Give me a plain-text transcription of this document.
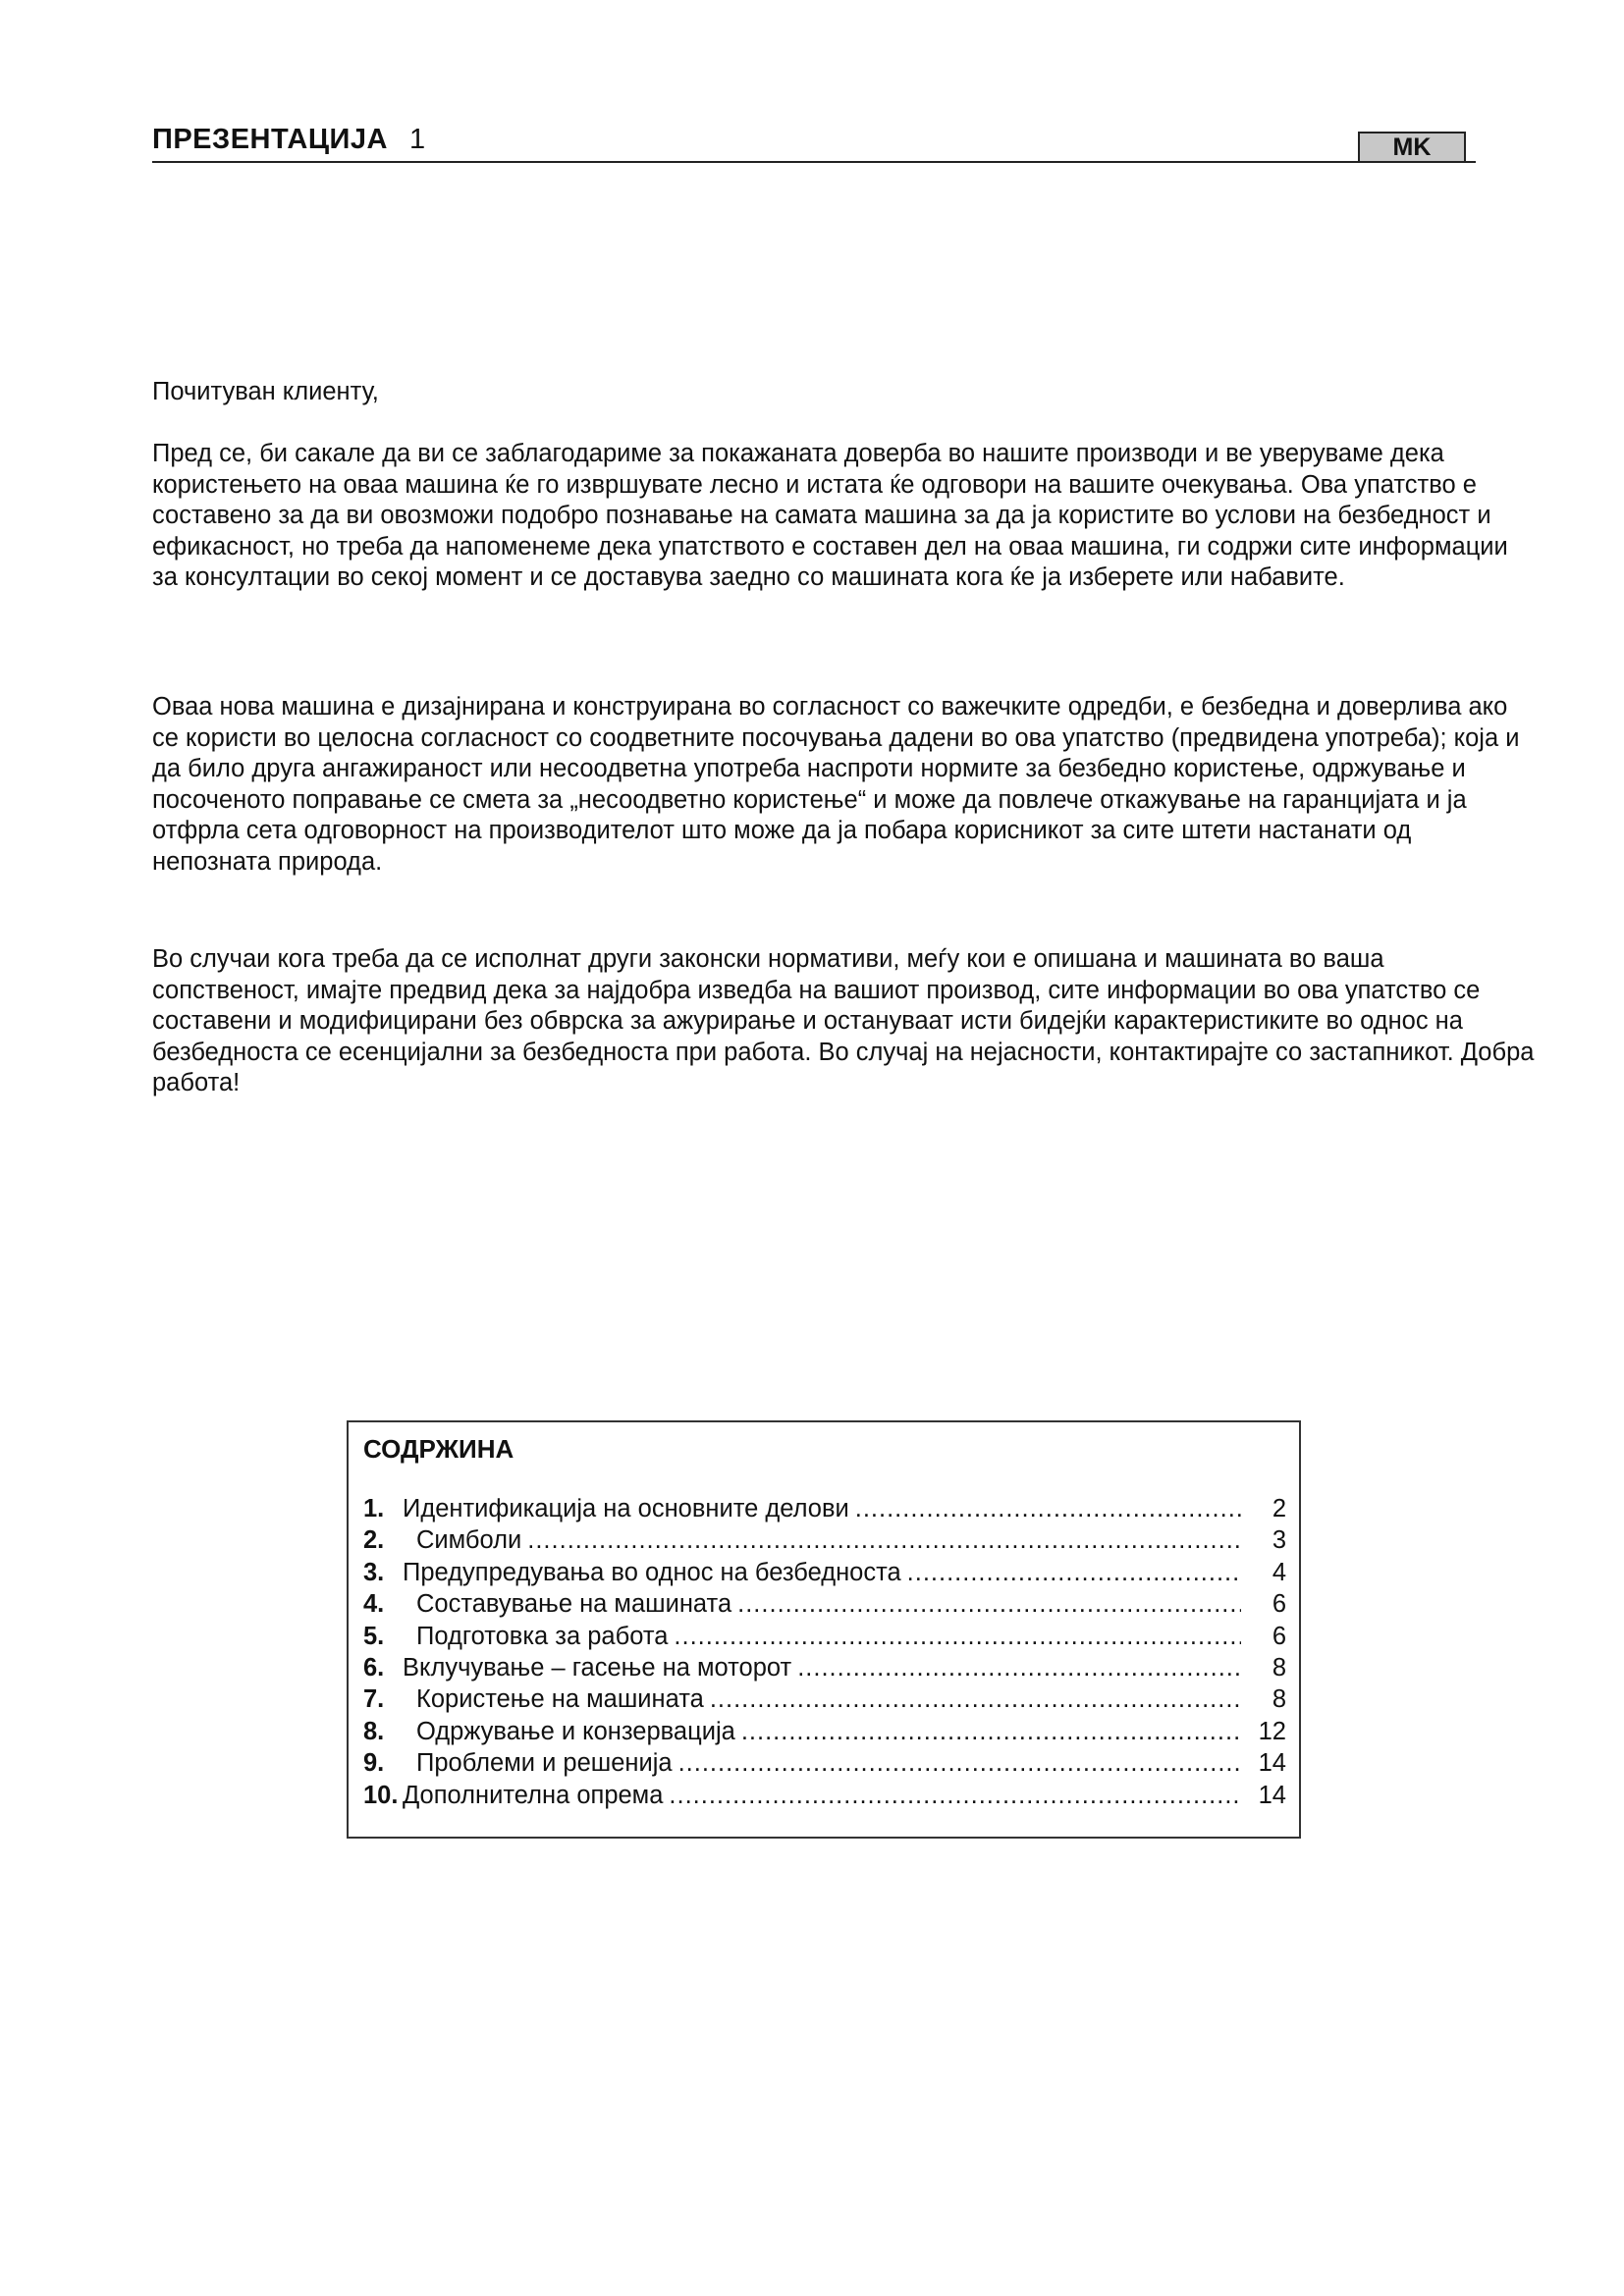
ПРЕЗЕНТАЦИЈА 1	MK

Почитуван клиенту,

Пред се, би сакале да ви се заблагодариме за покажаната доверба во нашите производи и ве уверуваме дека користењето на оваа машина ќе го извршувате лесно и истата ќе одговори на вашите очекувања. Ова упатство е составено за да ви овозможи подобро познавање на самата машина за да ја користите во услови на безбедност и ефикасност, но треба да напоменеме дека упатството е составен дел на оваа машина, ги содржи сите информации за консултации во секој момент и се доставува заедно со машината кога ќе ја изберете или набавите.

Оваа нова машина е дизајнирана и конструирана во согласност со важечките одредби, е безбедна и доверлива ако се користи во целосна согласност со соодветните посочувања дадени во ова упатство (предвидена употреба); која и да било друга ангажираност или несоодветна употреба наспроти нормите за безбедно користење, одржување и посоченото поправање се смета за „несоодветно користење“ и може да повлече откажување на гаранцијата и ја отфрла сета одговорност на производителот што може да ја побара корисникот за сите штети настанати од непозната природа.

Во случаи кога треба да се исполнат други законски нормативи, меѓу кои е опишана и машината во ваша сопственост, имајте предвид дека за најдобра изведба на вашиот производ, сите информации во ова упатство се составени и модифицирани без обврска за ажурирање и остануваат исти бидејќи карактеристиките во однос на безбедноста се есенцијални за безбедноста при работа. Во случај на нејасности, контактирајте со застапникот. Добра работа!

СОДРЖИНА
1. Идентификација на основните делови .....	2
2.	Симболи .....	3
3. Предупредувања во однос на безбедноста .....	4
4.	Составување на машината .....	6
5.	Подготовка за работа .....	6
6. Вклучување – гасење на моторот .....	8
7.	Користење на машината .....	8
8.	Одржување и конзервација .....	12
9.	Проблеми и решенија .....	14
10. Дополнителна опрема .....	14
